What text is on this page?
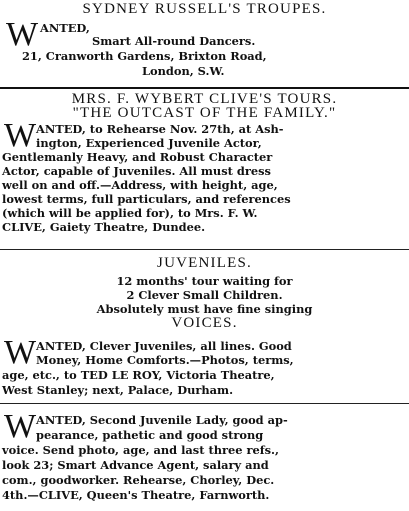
SYDNEY RUSSELL'S TROUPES.
W ANTED,
Smart All-round Dancers.
21, Cranworth Gardens, Brixton Road,
London, S.W.
MRS. F. WYBERT CLIVE'S TOURS.
"THE OUTCAST OF THE FAMILY."
W ANTED, to Rehearse Nov. 27th, at Ash-
ington, Experienced Juvenile Actor,
Gentlemanly Heavy, and Robust Character
Actor, capable of Juveniles. All must dress
well on and off.—Address, with height, age,
lowest terms, full particulars, and references
(which will be applied for), to Mrs. F. W.
CLIVE, Gaiety Theatre, Dundee.
JUVENILES.
12 months' tour waiting for
2 Clever Small Children.
Absolutely must have fine singing
VOICES.
W ANTED, Clever Juveniles, all lines. Good
Money, Home Comforts.—Photos, terms,
age, etc., to TED LE ROY, Victoria Theatre,
West Stanley; next, Palace, Durham.
W ANTED, Second Juvenile Lady, good ap-
pearance, pathetic and good strong
voice. Send photo, age, and last three refs.,
look 23; Smart Advance Agent, salary and
com., goodworker. Rehearse, Chorley, Dec.
4th.—CLIVE, Queen's Theatre, Farnworth.
